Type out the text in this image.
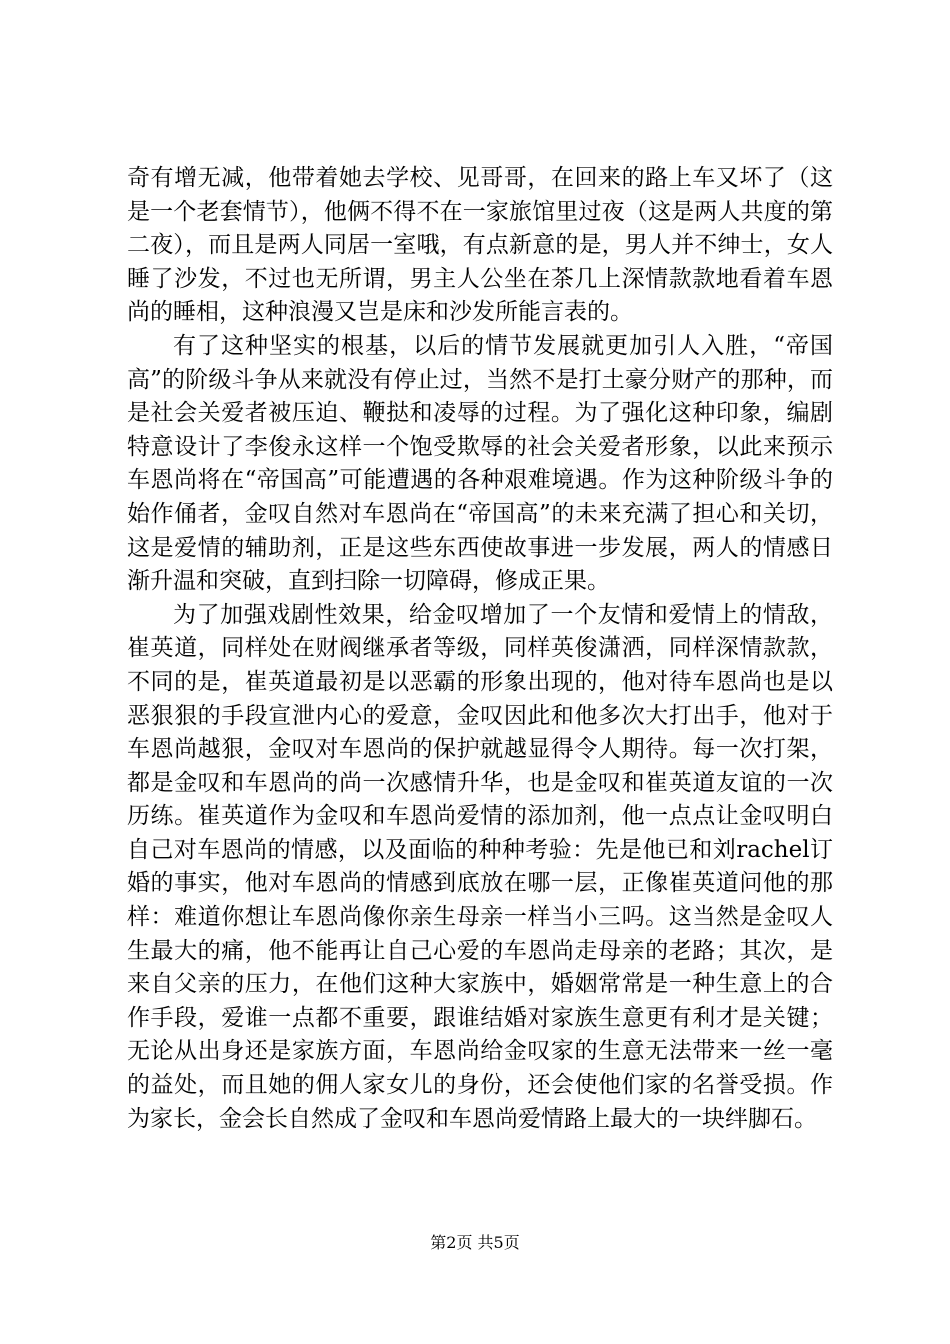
奇有增无减，他带着她去学校、见哥哥，在回来的路上车又坏了（这是一个老套情节），他俩不得不在一家旅馆里过夜（这是两人共度的第二夜），而且是两人同居一室哦，有点新意的是，男人并不绅士，女人睡了沙发，不过也无所谓，男主人公坐在茶几上深情款款地看着车恩尚的睡相，这种浪漫又岂是床和沙发所能言表的。

有了这种坚实的根基，以后的情节发展就更加引人入胜，“帝国高”的阶级斗争从来就没有停止过，当然不是打土豪分财产的那种，而是社会关爱者被压迫、鞭挞和凌辱的过程。为了强化这种印象，编剧特意设计了李俊永这样一个饱受欺辱的社会关爱者形象，以此来预示车恩尚将在“帝国高”可能遭遇的各种艰难境遇。作为这种阶级斗争的始作俑者，金叹自然对车恩尚在“帝国高”的未来充满了担心和关切，这是爱情的辅助剂，正是这些东西使故事进一步发展，两人的情感日渐升温和突破，直到扫除一切障碍，修成正果。

为了加强戏剧性效果，给金叹增加了一个友情和爱情上的情敌，崔英道，同样处在财阀继承者等级，同样英俊潇洒，同样深情款款，不同的是，崔英道最初是以恶霸的形象出现的，他对待车恩尚也是以恶狠狠的手段宣泄内心的爱意，金叹因此和他多次大打出手，他对于车恩尚越狠，金叹对车恩尚的保护就越显得令人期待。每一次打架，都是金叹和车恩尚的尚一次感情升华，也是金叹和崔英道友谊的一次历练。崔英道作为金叹和车恩尚爱情的添加剂，他一点点让金叹明白自己对车恩尚的情感，以及面临的种种考验：先是他已和刘rachel订婚的事实，他对车恩尚的情感到底放在哪一层，正像崔英道问他的那样：难道你想让车恩尚像你亲生母亲一样当小三吗。这当然是金叹人生最大的痛，他不能再让自己心爱的车恩尚走母亲的老路；其次，是来自父亲的压力，在他们这种大家族中，婚姻常常是一种生意上的合作手段，爱谁一点都不重要，跟谁结婚对家族生意更有利才是关键；无论从出身还是家族方面，车恩尚给金叹家的生意无法带来一丝一毫的益处，而且她的佣人家女儿的身份，还会使他们家的名誉受损。作为家长，金会长自然成了金叹和车恩尚爱情路上最大的一块绊脚石。

第2页 共5页
